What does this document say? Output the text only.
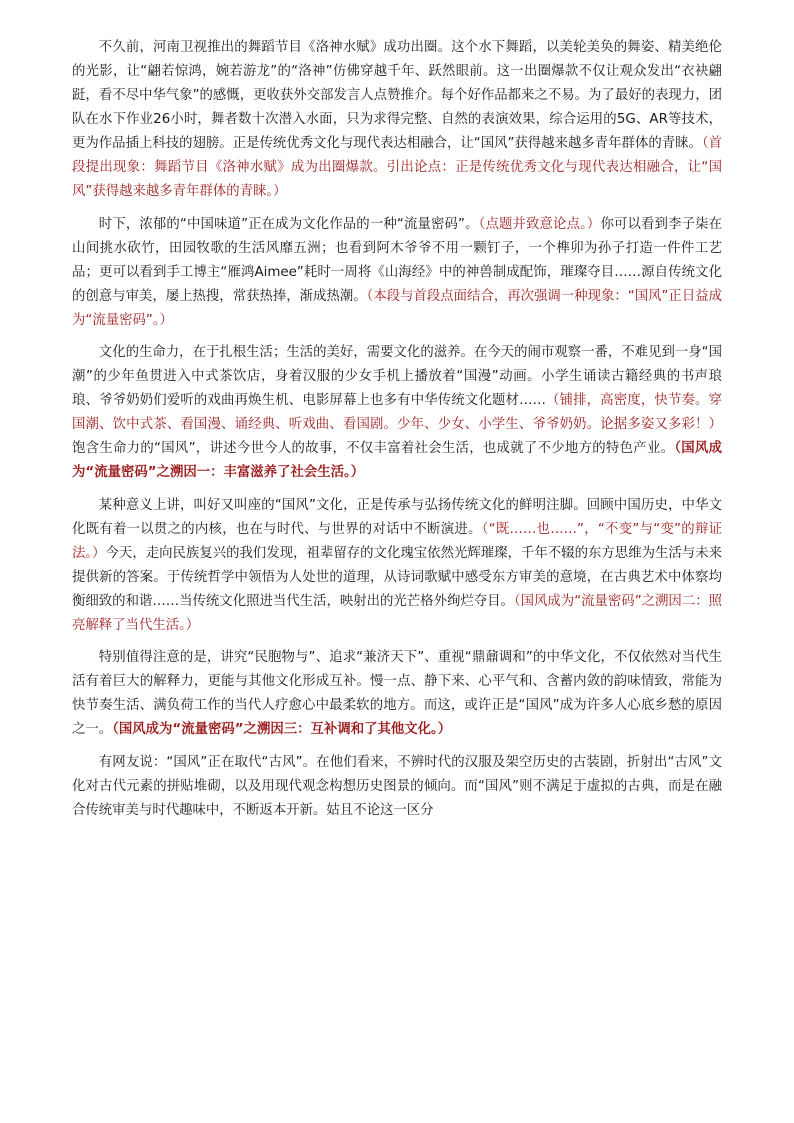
不久前，河南卫视推出的舞蹈节目《洛神水赋》成功出圈。这个水下舞蹈，以美轮美奂的舞姿、精美绝伦的光影，让“翩若惊鸿，婉若游龙”的“洛神”仿佛穿越千年、跃然眼前。这一出圈爆款不仅让观众发出“衣袂翩跹，看不尽中华气象”的感慨，更收获外交部发言人点赞推介。每个好作品都来之不易。为了最好的表现力，团队在水下作业26小时，舞者数十次潜入水面，只为求得完整、自然的表演效果，综合运用的5G、AR等技术，更为作品插上科技的翅膀。正是传统优秀文化与现代表达相融合，让“国风”获得越来越多青年群体的青睐。（首段提出现象：舞蹈节目《洛神水赋》成为出圈爆款。引出论点：正是传统优秀文化与现代表达相融合，让“国风”获得越来越多青年群体的青睐。）

时下，浓郁的“中国味道”正在成为文化作品的一种“流量密码”。（点题并致意论点。）你可以看到李子柒在山间挑水砍竹，田园牧歌的生活风靡五洲；也看到阿木爷爷不用一颗钉子，一个榫卯为孙子打造一件件工艺品；更可以看到手工博主“雁鸿Aimee”耗时一周将《山海经》中的神兽制成配饰，璀璨夺目……源自传统文化的创意与审美，屡上热搜，常获热捧，渐成热潮。（本段与首段点面结合，再次强调一种现象：“国风”正日益成为“流量密码”。）

文化的生命力，在于扎根生活；生活的美好，需要文化的滋养。在今天的闹市观察一番，不难见到一身“国潮”的少年鱼贯进入中式茶饮店，身着汉服的少女手机上播放着“国漫”动画。小学生诵读古籍经典的书声琅琅、爷爷奶奶们爱听的戏曲再焕生机、电影屏幕上也多有中华传统文化题材……（铺排，高密度，快节奏。穿国潮、饮中式茶、看国漫、诵经典、听戏曲、看国剧。少年、少女、小学生、爷爷奶奶。论据多姿又多彩！）饱含生命力的“国风”，讲述今世今人的故事，不仅丰富着社会生活，也成就了不少地方的特色产业。（国风成为“流量密码”之溯因一：丰富滋养了社会生活。）

某种意义上讲，叫好又叫座的“国风”文化，正是传承与弘扬传统文化的鲜明注脚。回顾中国历史，中华文化既有着一以贯之的内核，也在与时代、与世界的对话中不断演进。（“既……也……”，“不变”与“变”的辩证法。）今天，走向民族复兴的我们发现，祖辈留存的文化瑰宝依然光辉璀璨，千年不辍的东方思维为生活与未来提供新的答案。于传统哲学中领悟为人处世的道理，从诗词歌赋中感受东方审美的意境，在古典艺术中体察均衡细致的和谐……当传统文化照进当代生活，映射出的光芒格外绚烂夺目。（国风成为“流量密码”之溯因二：照亮解释了当代生活。）

特别值得注意的是，讲究“民胞物与”、追求“兼济天下”、重视“鼎鼐调和”的中华文化，不仅依然对当代生活有着巨大的解释力，更能与其他文化形成互补。慢一点、静下来、心平气和、含蓄内敛的韵味情致，常能为快节奏生活、满负荷工作的当代人疗愈心中最柔软的地方。而这，或许正是“国风”成为许多人心底乡愁的原因之一。（国风成为“流量密码”之溯因三：互补调和了其他文化。）

有网友说：“国风”正在取代“古风”。在他们看来，不辨时代的汉服及架空历史的古装剧，折射出“古风”文化对古代元素的拼贴堆砌，以及用现代观念构想历史图景的倾向。而“国风”则不满足于虚拟的古典，而是在融合传统审美与时代趣味中，不断返本开新。姑且不论这一区分
